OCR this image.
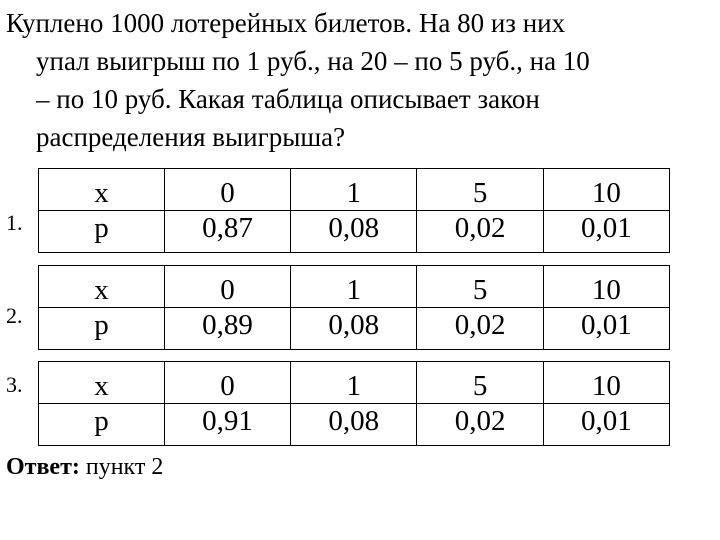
Куплено 1000 лотерейных билетов. На 80 из них
упал выигрыш по 1 руб., на 20 – по 5 руб., на 10
– по 10 руб. Какая таблица описывает закон
распределения выигрыша?
1.
x	0	1	5	10
p	0,87	0,08	0,02	0,01
2.
x	0	1	5	10
p	0,89	0,08	0,02	0,01
3. x	0	1	5	10
p	0,91	0,08	0,02	0,01
Ответ: пункт 2
